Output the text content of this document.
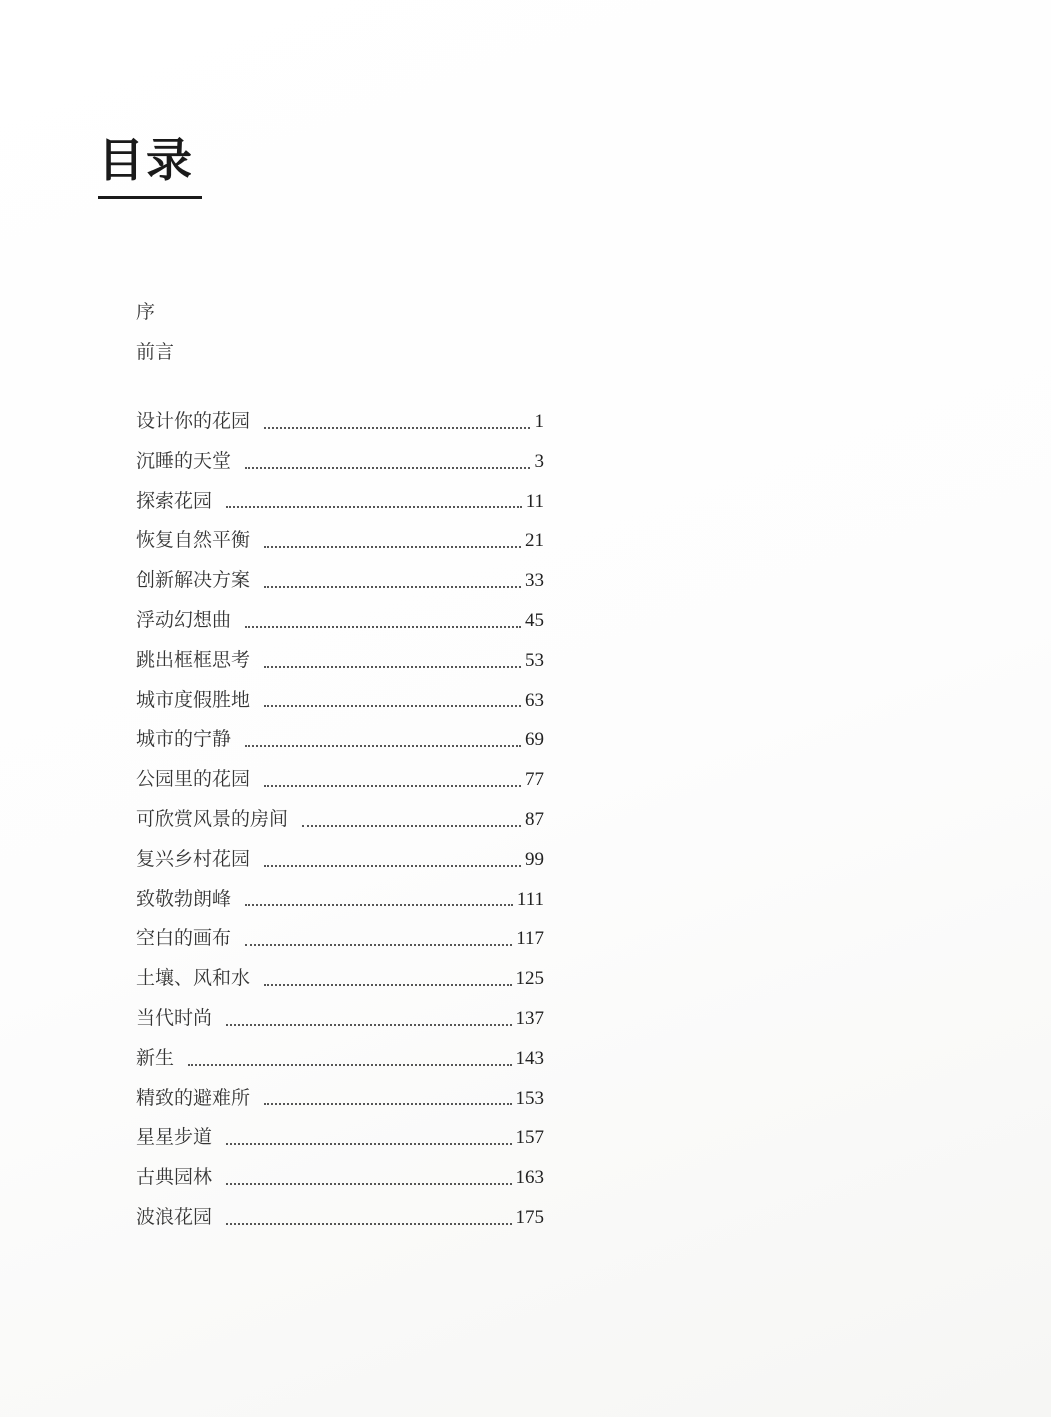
目录
序
前言
设计你的花园	1
沉睡的天堂	3
探索花园	11
恢复自然平衡	21
创新解决方案	33
浮动幻想曲	45
跳出框框思考	53
城市度假胜地	63
城市的宁静	69
公园里的花园	77
可欣赏风景的房间	87
复兴乡村花园	99
致敬勃朗峰	111
空白的画布	117
土壤、风和水	125
当代时尚	137
新生	143
精致的避难所	153
星星步道	157
古典园林	163
波浪花园	175
